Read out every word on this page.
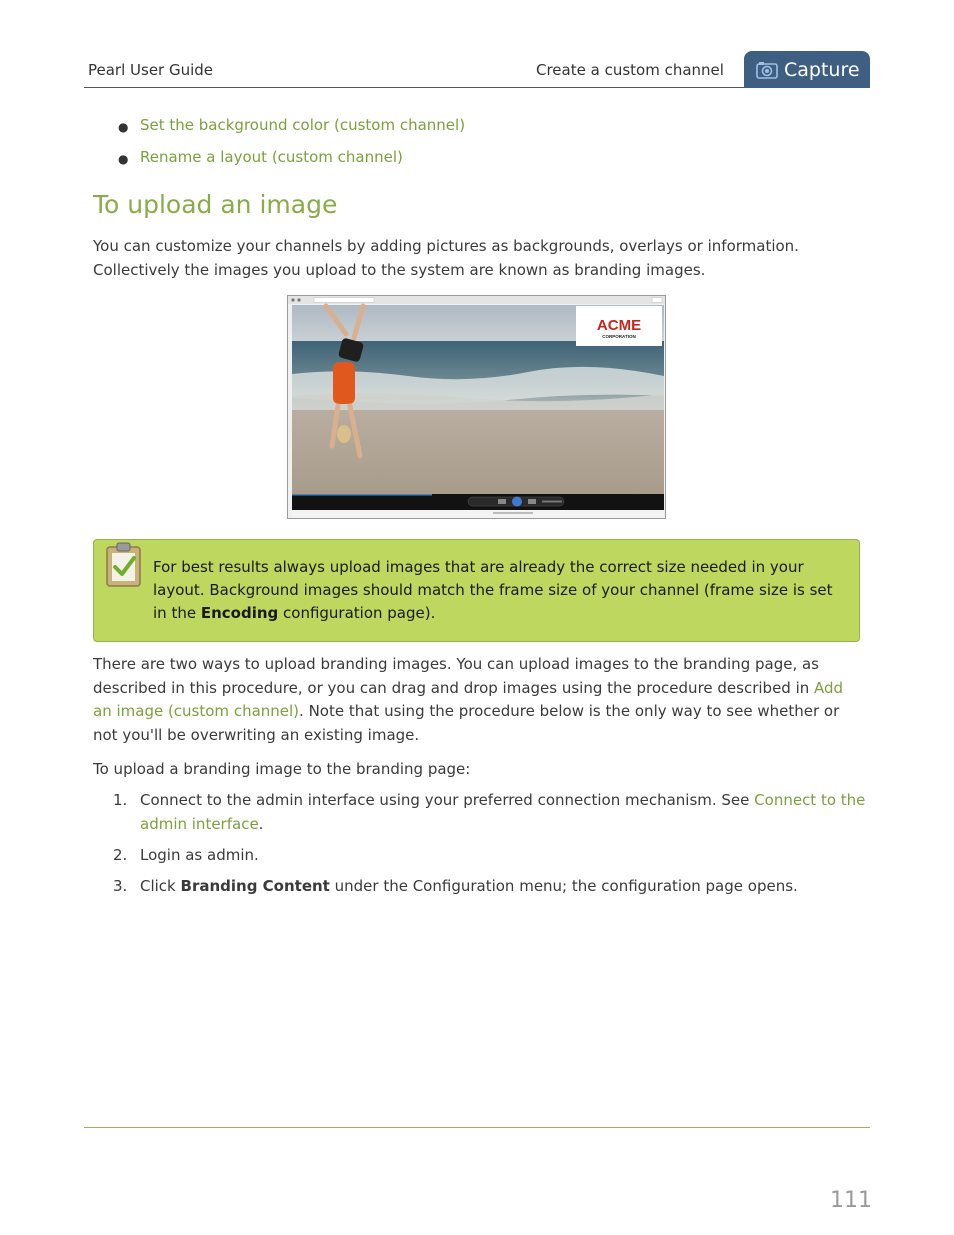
Pearl User Guide	Create a custom channel	Capture
● Set the background color (custom channel)
● Rename a layout (custom channel)
To upload an image

You can customize your channels by adding pictures as backgrounds, overlays or information. Collectively the images you upload to the system are known as branding images.

ACME
CORPORATION

For best results always upload images that are already the correct size needed in your layout. Background images should match the frame size of your channel (frame size is set in the Encoding configuration page).

There are two ways to upload branding images. You can upload images to the branding page, as described in this procedure, or you can drag and drop images using the procedure described in Add an image (custom channel). Note that using the procedure below is the only way to see whether or not you'll be overwriting an existing image.

To upload a branding image to the branding page:

1. Connect to the admin interface using your preferred connection mechanism. See Connect to the admin interface.
2. Login as admin.
3. Click Branding Content under the Configuration menu; the configuration page opens.
111
